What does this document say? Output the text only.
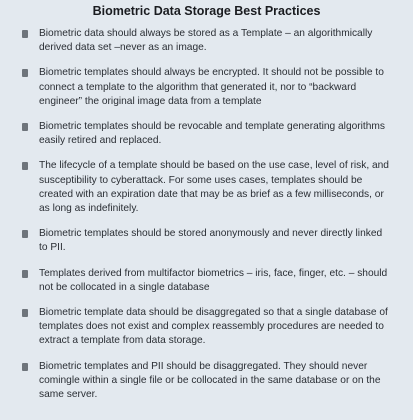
Biometric Data Storage Best Practices
Biometric data should always be stored as a Template – an algorithmically derived data set –never as an image.
Biometric templates should always be encrypted. It should not be possible to connect a template to the algorithm that generated it, nor to “backward engineer” the original image data from a template
Biometric templates should be revocable and template generating algorithms easily retired and replaced.
The lifecycle of a template should be based on the use case, level of risk, and susceptibility to cyberattack. For some uses cases, templates should be created with an expiration date that may be as brief as a few milliseconds, or as long as indefinitely.
Biometric templates should be stored anonymously and never directly linked to PII.
Templates derived from multifactor biometrics – iris, face, finger, etc. – should not be collocated in a single database
Biometric template data should be disaggregated so that a single database of templates does not exist and complex reassembly procedures are needed to extract a template from data storage.
Biometric templates and PII should be disaggregated. They should never comingle within a single file or be collocated in the same database or on the same server.
